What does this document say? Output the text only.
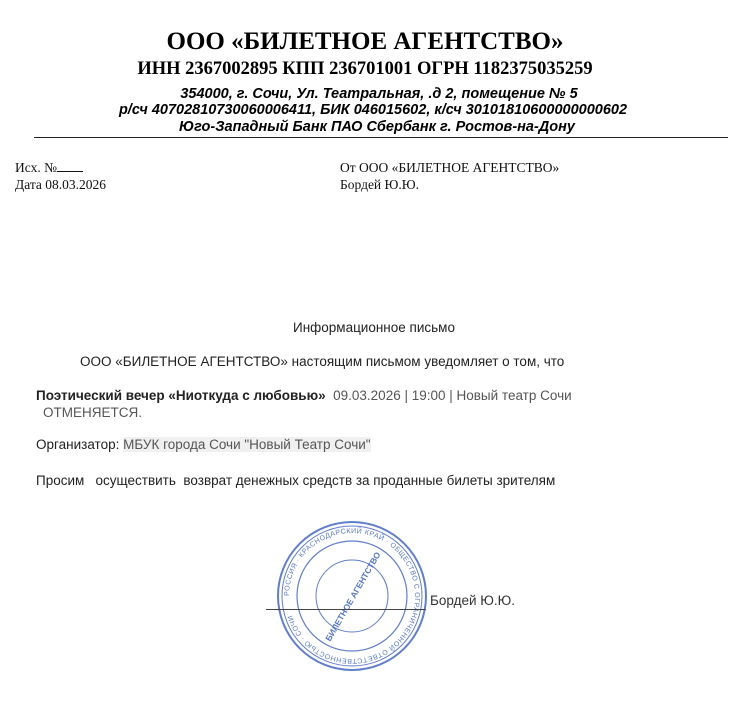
ООО «БИЛЕТНОЕ АГЕНТСТВО»
ИНН 2367002895 КПП 236701001 ОГРН 1182375035259
354000, г. Сочи, Ул. Театральная, .д 2, помещение № 5
р/сч 40702810730060006411, БИК 046015602, к/сч 30101810600000000602
Юго-Западный Банк ПАО Сбербанк г. Ростов-на-Дону
Исх. №
Дата 08.03.2026
От ООО «БИЛЕТНОЕ АГЕНТСТВО»
Бордей Ю.Ю.
Информационное письмо
ООО «БИЛЕТНОЕ АГЕНТСТВО» настоящим письмом уведомляет о том, что
Поэтический вечер «Ниоткуда с любовью» 09.03.2026 | 19:00 | Новый театр Сочи
ОТМЕНЯЕТСЯ.
Организатор: МБУК города Сочи "Новый Театр Сочи"
Просим   осуществить  возврат денежных средств за проданные билеты зрителям
РОССИЯ · КРАСНОДАРСКИЙ КРАЙ · ОБЩЕСТВО С ОГРАНИЧЕННОЙ ОТВЕТСТВЕННОСТЬЮ · СОЧИ	БИЛЕТНОЕ АГЕНТСТВО	Бордей Ю.Ю.
